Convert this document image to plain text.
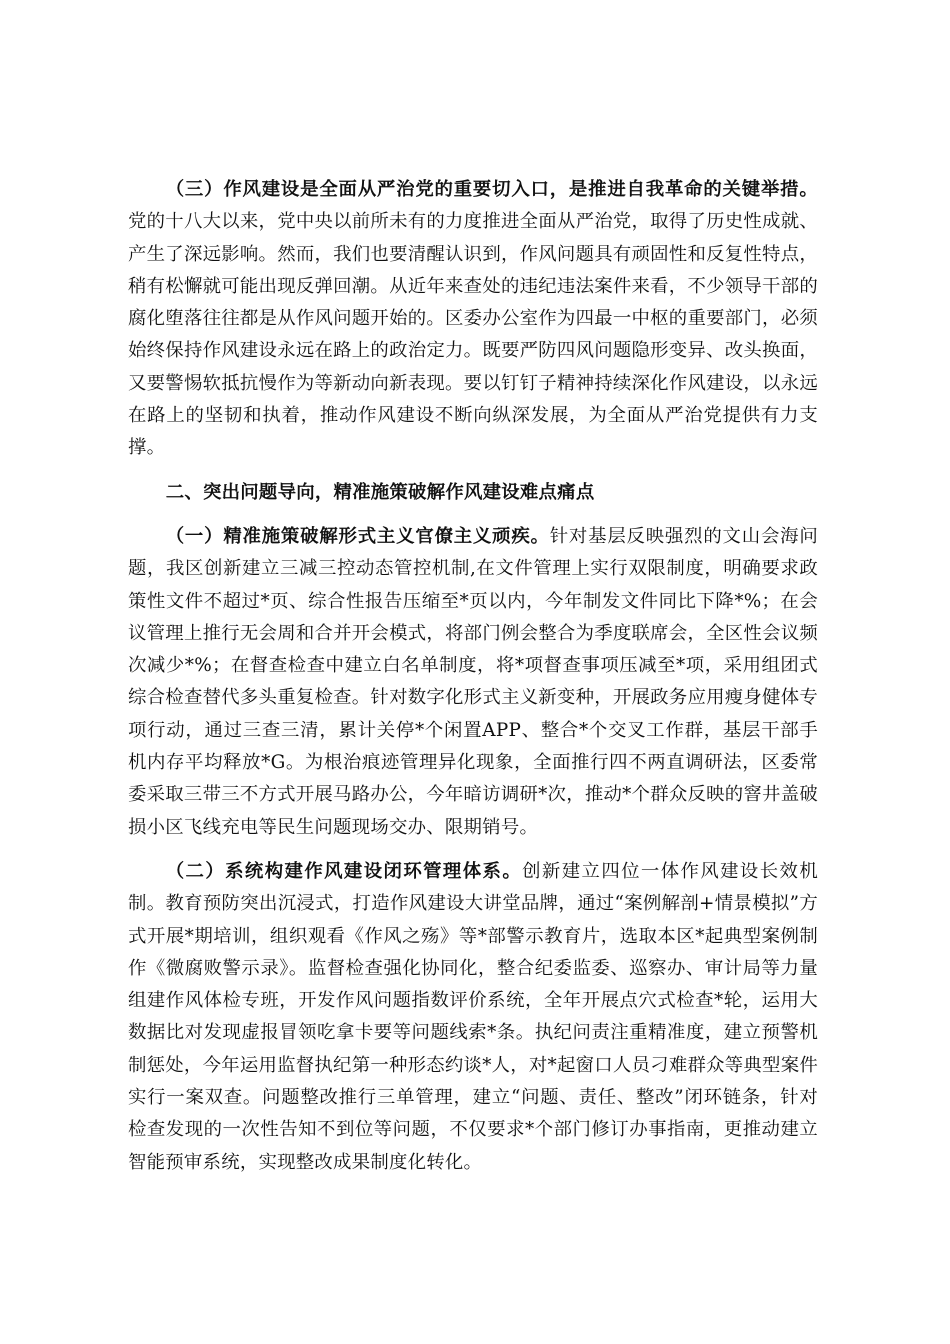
（三）作风建设是全面从严治党的重要切入口，是推进自我革命的关键举措。党的十八大以来，党中央以前所未有的力度推进全面从严治党，取得了历史性成就、产生了深远影响。然而，我们也要清醒认识到，作风问题具有顽固性和反复性特点，稍有松懈就可能出现反弹回潮。从近年来查处的违纪违法案件来看，不少领导干部的腐化堕落往往都是从作风问题开始的。区委办公室作为四最一中枢的重要部门，必须始终保持作风建设永远在路上的政治定力。既要严防四风问题隐形变异、改头换面，又要警惕软抵抗慢作为等新动向新表现。要以钉钉子精神持续深化作风建设，以永远在路上的坚韧和执着，推动作风建设不断向纵深发展，为全面从严治党提供有力支撑。

二、突出问题导向，精准施策破解作风建设难点痛点

（一）精准施策破解形式主义官僚主义顽疾。针对基层反映强烈的文山会海问题，我区创新建立三减三控动态管控机制,在文件管理上实行双限制度，明确要求政策性文件不超过*页、综合性报告压缩至*页以内，今年制发文件同比下降*%；在会议管理上推行无会周和合并开会模式，将部门例会整合为季度联席会，全区性会议频次减少*%；在督查检查中建立白名单制度，将*项督查事项压减至*项，采用组团式综合检查替代多头重复检查。针对数字化形式主义新变种，开展政务应用瘦身健体专项行动，通过三查三清，累计关停*个闲置APP、整合*个交叉工作群，基层干部手机内存平均释放*G。为根治痕迹管理异化现象，全面推行四不两直调研法，区委常委采取三带三不方式开展马路办公，今年暗访调研*次，推动*个群众反映的窨井盖破损小区飞线充电等民生问题现场交办、限期销号。

（二）系统构建作风建设闭环管理体系。创新建立四位一体作风建设长效机制。教育预防突出沉浸式，打造作风建设大讲堂品牌，通过“案例解剖+情景模拟”方式开展*期培训，组织观看《作风之殇》等*部警示教育片，选取本区*起典型案例制作《微腐败警示录》。监督检查强化协同化，整合纪委监委、巡察办、审计局等力量组建作风体检专班，开发作风问题指数评价系统，全年开展点穴式检查*轮，运用大数据比对发现虚报冒领吃拿卡要等问题线索*条。执纪问责注重精准度，建立预警机制惩处，今年运用监督执纪第一种形态约谈*人，对*起窗口人员刁难群众等典型案件实行一案双查。问题整改推行三单管理，建立“问题、责任、整改”闭环链条，针对检查发现的一次性告知不到位等问题，不仅要求*个部门修订办事指南，更推动建立智能预审系统，实现整改成果制度化转化。
